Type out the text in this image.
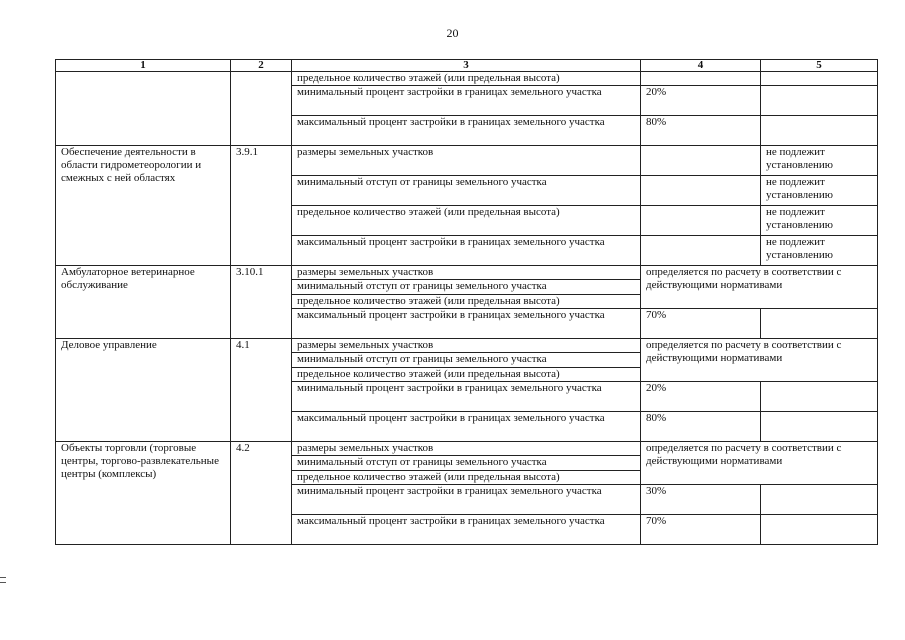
20
1	2	3	4	5
		предельное количество этажей (или предельная высота)		
		минимальный процент застройки в границах земельного участка	20%	
		максимальный процент застройки в границах земельного участка	80%	
Обеспечение деятельности в области гидрометеорологии и смежных с ней областях	3.9.1	размеры земельных участков		не подлежит установлению
		минимальный отступ от границы земельного участка		не подлежит установлению
		предельное количество этажей (или предельная высота)		не подлежит установлению
		максимальный процент застройки в границах земельного участка		не подлежит установлению
Амбулаторное ветеринарное обслуживание	3.10.1	размеры земельных участков	определяется по расчету в соответствии с действующими нормативами	
		минимальный отступ от границы земельного участка		
		предельное количество этажей (или предельная высота)		
		максимальный процент застройки в границах земельного участка	70%	
Деловое управление	4.1	размеры земельных участков	определяется по расчету в соответствии с действующими нормативами	
		минимальный отступ от границы земельного участка		
		предельное количество этажей (или предельная высота)		
		минимальный процент застройки в границах земельного участка	20%	
		максимальный процент застройки в границах земельного участка	80%	
Объекты торговли (торговые центры, торгово-развлекательные центры (комплексы)	4.2	размеры земельных участков	определяется по расчету в соответствии с действующими нормативами	
		минимальный отступ от границы земельного участка		
		предельное количество этажей (или предельная высота)		
		минимальный процент застройки в границах земельного участка	30%	
		максимальный процент застройки в границах земельного участка	70%	
